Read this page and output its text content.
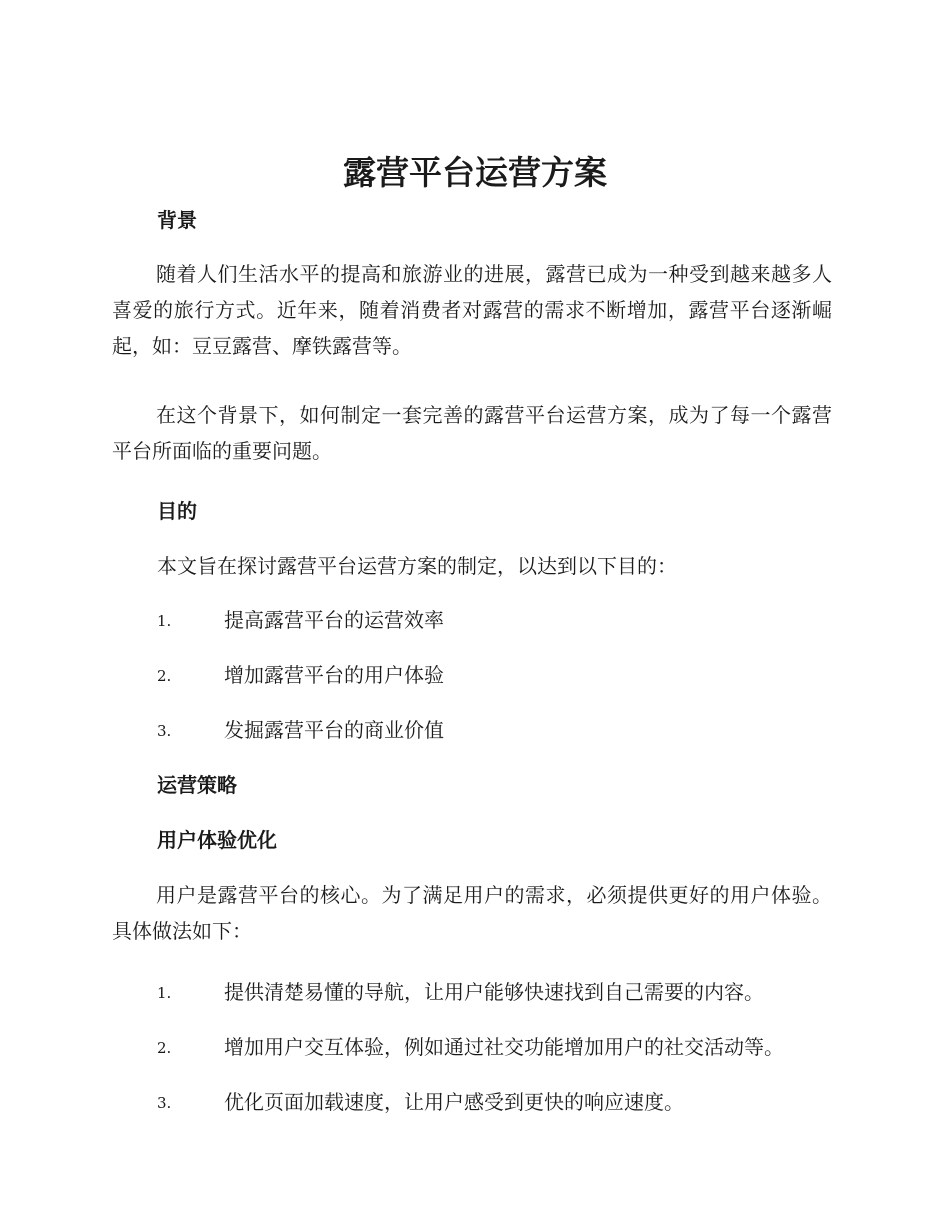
露营平台运营方案
背景

随着人们生活水平的提高和旅游业的进展，露营已成为一种受到越来越多人喜爱的旅行方式。近年来，随着消费者对露营的需求不断增加，露营平台逐渐崛起，如：豆豆露营、摩铁露营等。

在这个背景下，如何制定一套完善的露营平台运营方案，成为了每一个露营平台所面临的重要问题。

目的

本文旨在探讨露营平台运营方案的制定，以达到以下目的：

1.	提高露营平台的运营效率
2.	增加露营平台的用户体验
3.	发掘露营平台的商业价值
运营策略
用户体验优化

用户是露营平台的核心。为了满足用户的需求，必须提供更好的用户体验。具体做法如下：

1.	提供清楚易懂的导航，让用户能够快速找到自己需要的内容。
2.	增加用户交互体验，例如通过社交功能增加用户的社交活动等。
3.	优化页面加载速度，让用户感受到更快的响应速度。
